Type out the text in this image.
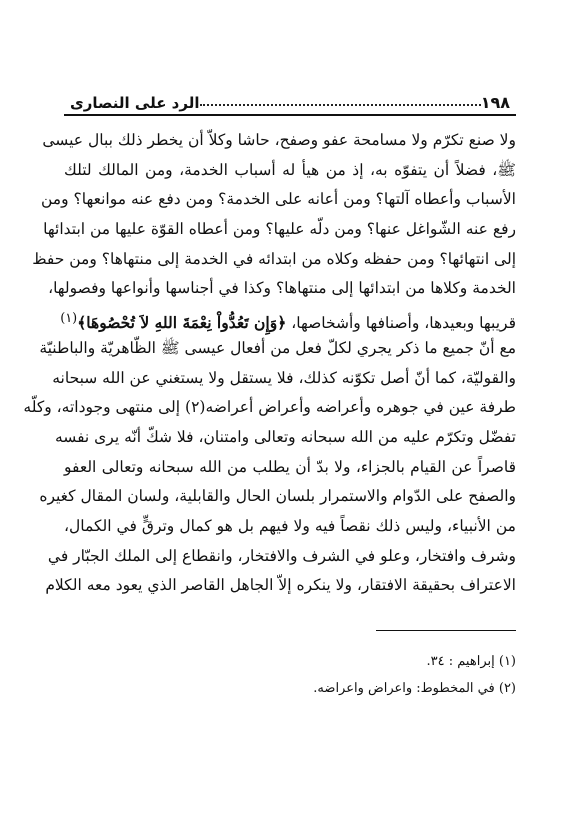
١٩٨
الرد على النصارى
ولا صنع تكرّم ولا مسامحة عفو وصفح، حاشا وكلاّ أن يخطر ذلك ببال عيسى
ﷺ، فضلاً أن يتفوّه به، إذ من هيأ له أسباب الخدمة، ومن المالك لتلك
الأسباب وأعطاه آلتها؟ ومن أعانه على الخدمة؟ ومن دفع عنه موانعها؟ ومن
رفع عنه الشّواغل عنها؟ ومن دلّه عليها؟ ومن أعطاه القوّة عليها من ابتدائها
إلى انتهائها؟ ومن حفظه وكلاه من ابتدائه في الخدمة إلى منتهاها؟ ومن حفظ
الخدمة وكلاها من ابتدائها إلى منتهاها؟ وكذا في أجناسها وأنواعها وفصولها،
قريبها وبعيدها، وأصنافها وأشخاصها، ﴿وَإِن تَعُدُّواْ نِعْمَةَ اللهِ لاَ تُحْصُوهَا﴾$^{(١)}$
مع أنّ جميع ما ذكر يجري لكلّ فعل من أفعال عيسى ﷺ الظّاهريّة والباطنيّة
والقوليّة، كما أنّ أصل تكوّنه كذلك، فلا يستقل ولا يستغني عن الله سبحانه
طرفة عين في جوهره وأعراضه وأعراض أعراضه(٢) إلى منتهى وجوداته، وكلّه
تفضّل وتكرّم عليه من الله سبحانه وتعالى وامتنان، فلا شكّ أنّه يرى نفسه
قاصراً عن القيام بالجزاء، ولا بدّ أن يطلب من الله سبحانه وتعالى العفو
والصفح على الدّوام والاستمرار بلسان الحال والقابلية، ولسان المقال كغيره
من الأنبياء، وليس ذلك نقصاً فيه ولا فيهم بل هو كمال وترقٍّ في الكمال،
وشرف وافتخار، وعلو في الشرف والافتخار، وانقطاع إلى الملك الجبّار في
الاعتراف بحقيقة الافتقار، ولا ينكره إلاّ الجاهل القاصر الذي يعود معه الكلام
(١) إبراهيم : ٣٤.
(٢) في المخطوط: واعراض واعراضه.
